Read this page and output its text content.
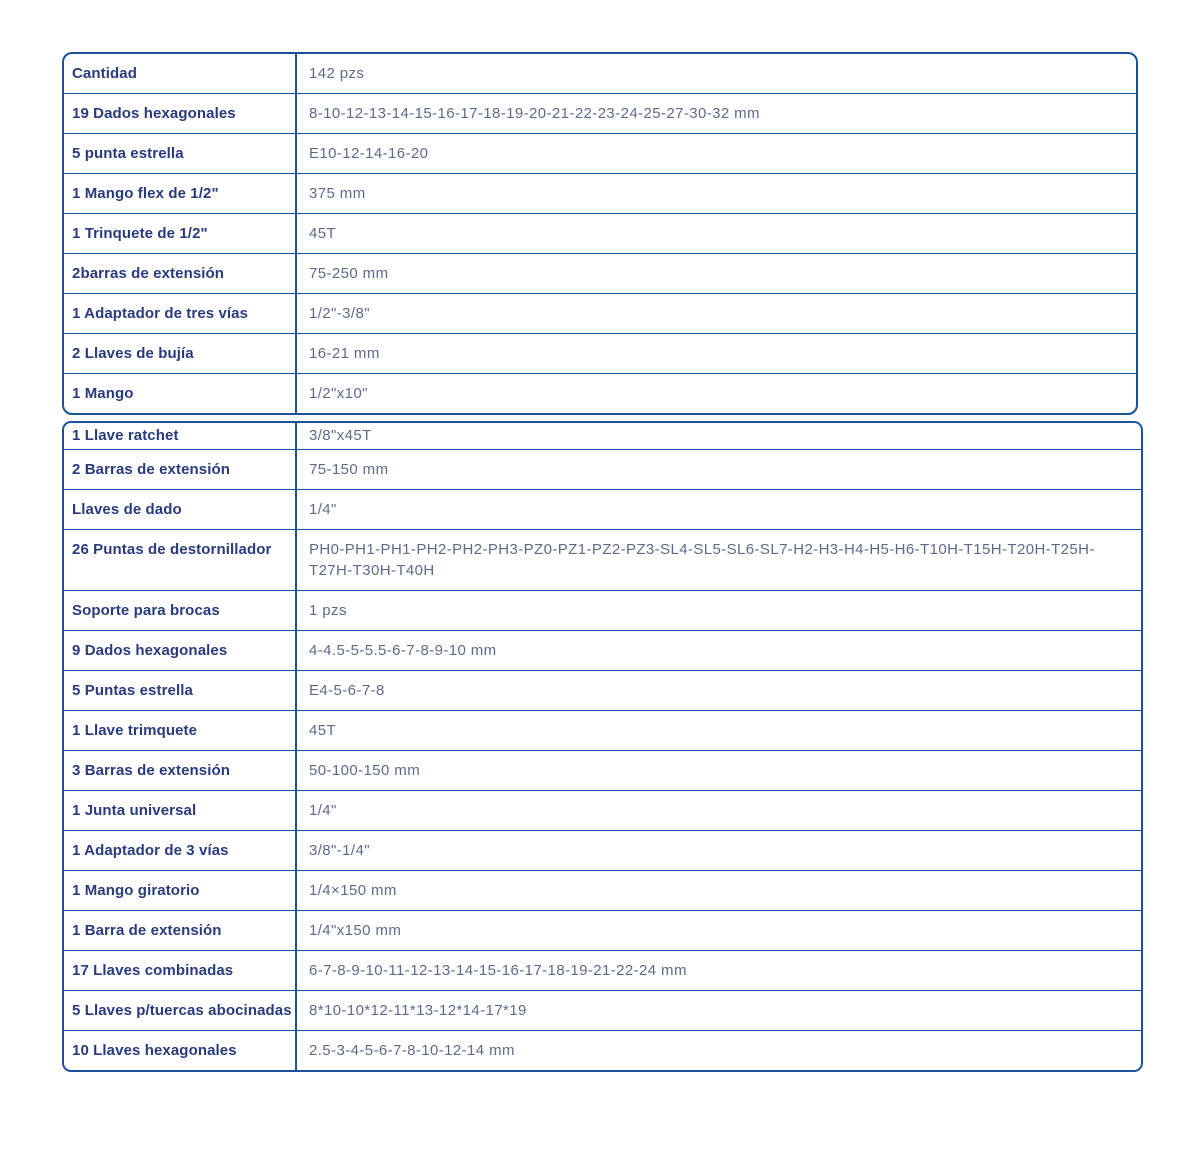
Cantidad	142 pzs
19 Dados hexagonales	8-10-12-13-14-15-16-17-18-19-20-21-22-23-24-25-27-30-32 mm
5 punta estrella	E10-12-14-16-20
1 Mango flex de 1/2"	375 mm
1 Trinquete de 1/2"	45T
2barras de extensión	75-250 mm
1 Adaptador de tres vías	1/2"-3/8"
2 Llaves de bujía	16-21 mm
1 Mango	1/2"x10"
1 Llave ratchet	3/8"x45T
2 Barras de extensión	75-150 mm
Llaves de dado	1/4"
26 Puntas de destornillador	PH0-PH1-PH1-PH2-PH2-PH3-PZ0-PZ1-PZ2-PZ3-SL4-SL5-SL6-SL7-H2-H3-H4-H5-H6-T10H-T15H-T20H-T25H-T27H-T30H-T40H
Soporte para brocas	1 pzs
9 Dados hexagonales	4-4.5-5-5.5-6-7-8-9-10 mm
5 Puntas estrella	E4-5-6-7-8
1 Llave trimquete	45T
3 Barras de extensión	50-100-150 mm
1 Junta universal	1/4"
1 Adaptador de 3 vías	3/8"-1/4"
1 Mango giratorio	1/4×150 mm
1 Barra de extensión	1/4"x150 mm
17 Llaves combinadas	6-7-8-9-10-11-12-13-14-15-16-17-18-19-21-22-24 mm
5 Llaves p/tuercas abocinadas	8*10-10*12-11*13-12*14-17*19
10 Llaves hexagonales	2.5-3-4-5-6-7-8-10-12-14 mm
